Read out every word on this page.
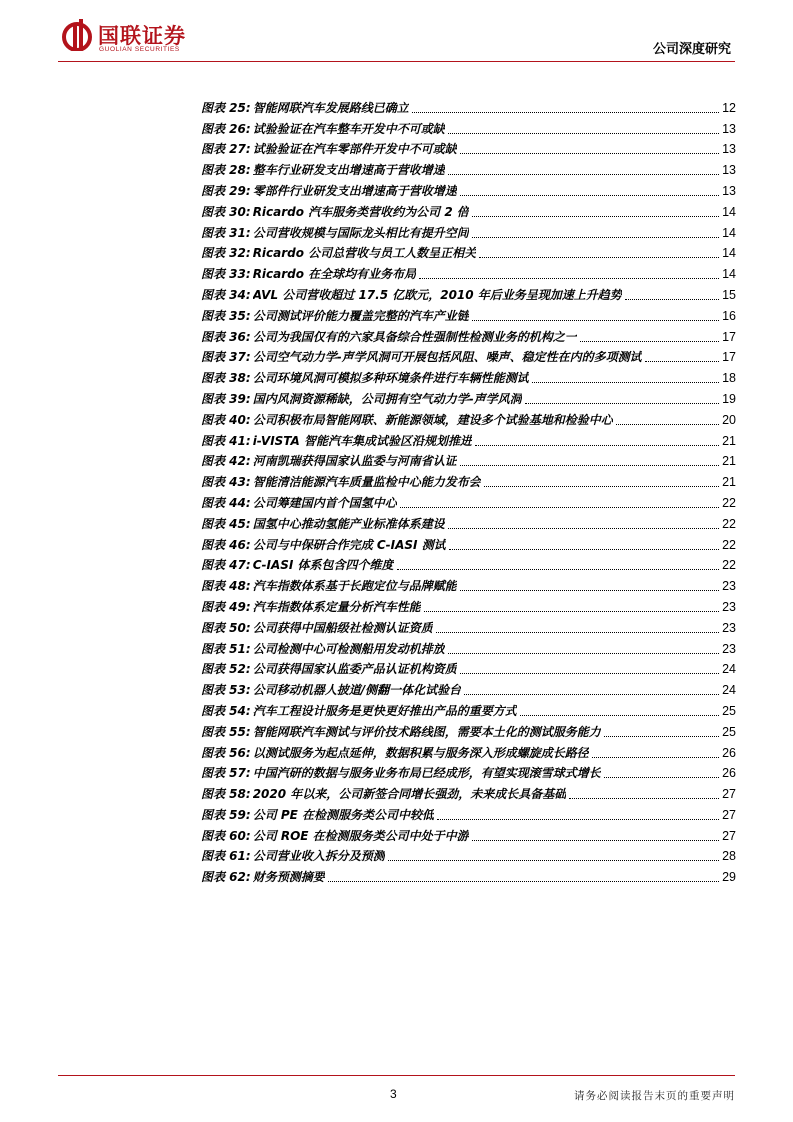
国联证券
GUOLIAN SECURITIES	公司深度研究
图表 25: 智能网联汽车发展路线已确立	12
图表 26: 试验验证在汽车整车开发中不可或缺	13
图表 27: 试验验证在汽车零部件开发中不可或缺	13
图表 28: 整车行业研发支出增速高于营收增速	13
图表 29: 零部件行业研发支出增速高于营收增速	13
图表 30: Ricardo 汽车服务类营收约为公司 2 倍	14
图表 31: 公司营收规模与国际龙头相比有提升空间	14
图表 32: Ricardo 公司总营收与员工人数呈正相关	14
图表 33: Ricardo 在全球均有业务布局	14
图表 34: AVL 公司营收超过 17.5 亿欧元，2010 年后业务呈现加速上升趋势	15
图表 35: 公司测试评价能力覆盖完整的汽车产业链	16
图表 36: 公司为我国仅有的六家具备综合性强制性检测业务的机构之一	17
图表 37: 公司空气动力学-声学风洞可开展包括风阻、噪声、稳定性在内的多项测试	17
图表 38: 公司环境风洞可模拟多种环境条件进行车辆性能测试	18
图表 39: 国内风洞资源稀缺，公司拥有空气动力学-声学风洞	19
图表 40: 公司积极布局智能网联、新能源领域，建设多个试验基地和检验中心	20
图表 41: i-VISTA 智能汽车集成试验区沿规划推进	21
图表 42: 河南凯瑞获得国家认监委与河南省认证	21
图表 43: 智能清洁能源汽车质量监检中心能力发布会	21
图表 44: 公司筹建国内首个国氢中心	22
图表 45: 国氢中心推动氢能产业标准体系建设	22
图表 46: 公司与中保研合作完成 C-IASI 测试	22
图表 47: C-IASI 体系包含四个维度	22
图表 48: 汽车指数体系基于长跑定位与品牌赋能	23
图表 49: 汽车指数体系定量分析汽车性能	23
图表 50: 公司获得中国船级社检测认证资质	23
图表 51: 公司检测中心可检测船用发动机排放	23
图表 52: 公司获得国家认监委产品认证机构资质	24
图表 53: 公司移动机器人披道/侧翻一体化试验台	24
图表 54: 汽车工程设计服务是更快更好推出产品的重要方式	25
图表 55: 智能网联汽车测试与评价技术路线图，需要本土化的测试服务能力	25
图表 56: 以测试服务为起点延伸，数据积累与服务深入形成螺旋成长路径	26
图表 57: 中国汽研的数据与服务业务布局已经成形，有望实现滚雪球式增长	26
图表 58: 2020 年以来，公司新签合同增长强劲，未来成长具备基础	27
图表 59: 公司 PE 在检测服务类公司中较低	27
图表 60: 公司 ROE 在检测服务类公司中处于中游	27
图表 61: 公司营业收入拆分及预测	28
图表 62: 财务预测摘要	29
3	请务必阅读报告末页的重要声明
